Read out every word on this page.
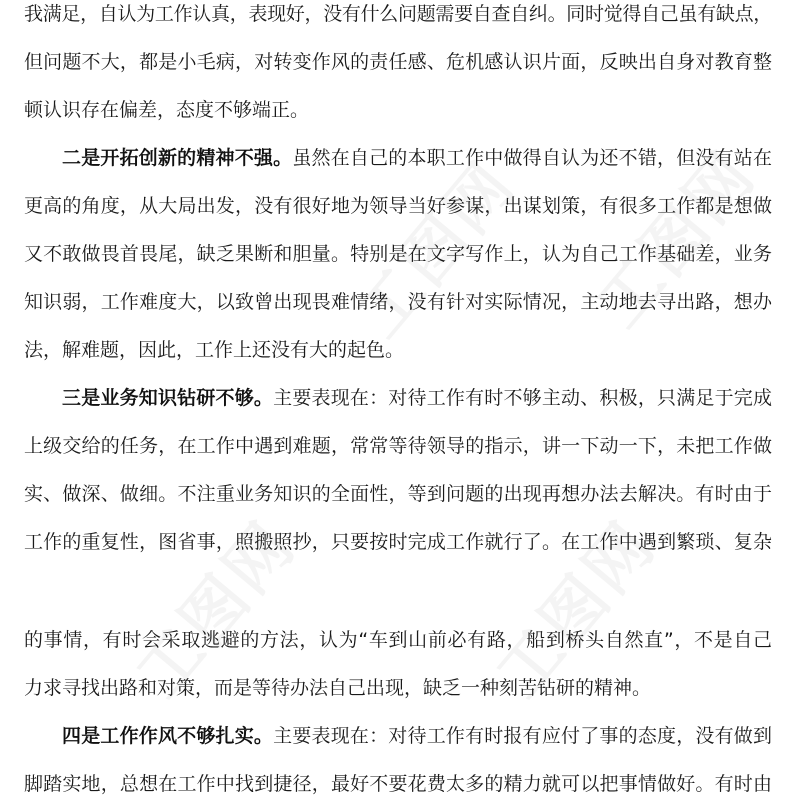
我满足，自认为工作认真，表现好，没有什么问题需要自查自纠。同时觉得自己虽有缺点，
但问题不大，都是小毛病，对转变作风的责任感、危机感认识片面，反映出自身对教育整
顿认识存在偏差，态度不够端正。
二是开拓创新的精神不强。虽然在自己的本职工作中做得自认为还不错，但没有站在
更高的角度，从大局出发，没有很好地为领导当好参谋，出谋划策，有很多工作都是想做
又不敢做畏首畏尾，缺乏果断和胆量。特别是在文字写作上，认为自己工作基础差，业务
知识弱，工作难度大，以致曾出现畏难情绪，没有针对实际情况，主动地去寻出路，想办
法，解难题，因此，工作上还没有大的起色。
三是业务知识钻研不够。主要表现在：对待工作有时不够主动、积极，只满足于完成
上级交给的任务，在工作中遇到难题，常常等待领导的指示，讲一下动一下，未把工作做
实、做深、做细。不注重业务知识的全面性，等到问题的出现再想办法去解决。有时由于
工作的重复性，图省事，照搬照抄，只要按时完成工作就行了。在工作中遇到繁琐、复杂
的事情，有时会采取逃避的方法，认为“车到山前必有路，船到桥头自然直”，不是自己
力求寻找出路和对策，而是等待办法自己出现，缺乏一种刻苦钻研的精神。
四是工作作风不够扎实。主要表现在：对待工作有时报有应付了事的态度，没有做到
脚踏实地，总想在工作中找到捷径，最好不要花费太多的精力就可以把事情做好。有时由
